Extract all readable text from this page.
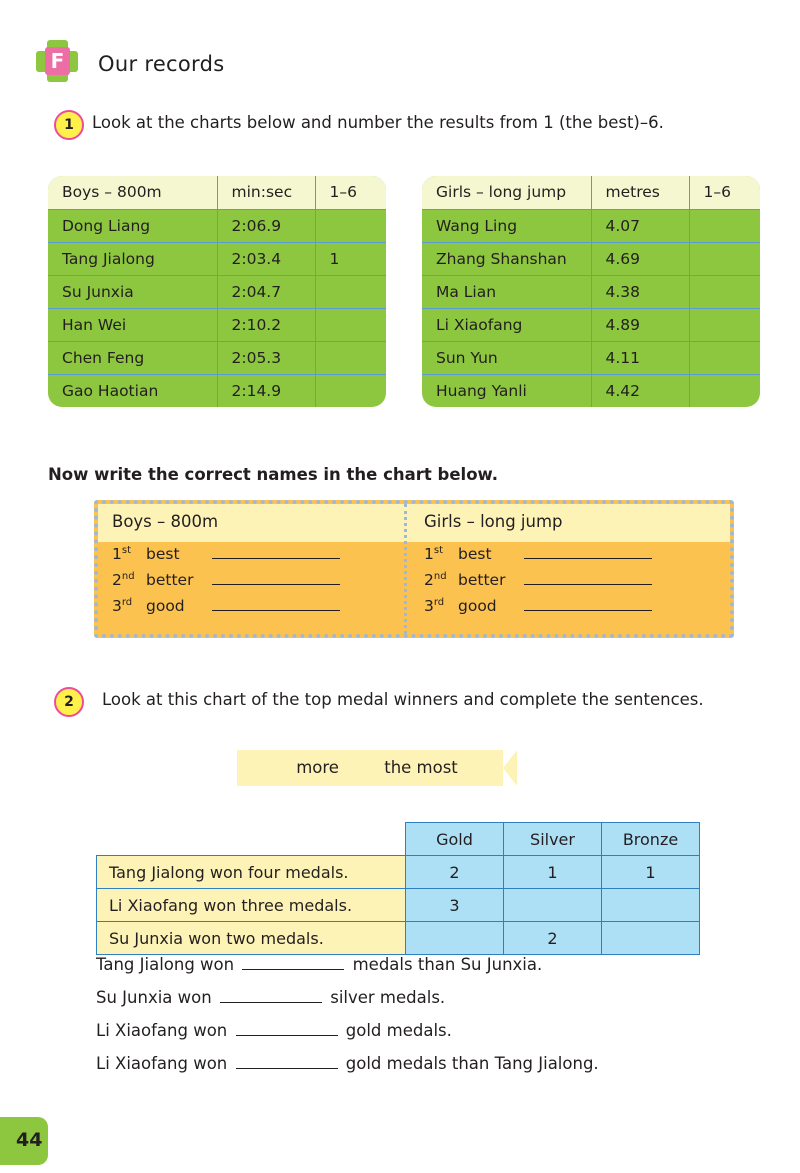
F Our records
1	Look at the charts below and number the results from 1 (the best)–6.
Boys – 800m	min:sec	1–6
Dong Liang	2:06.9	
Tang Jialong	2:03.4	1
Su Junxia	2:04.7	
Han Wei	2:10.2	
Chen Feng	2:05.3	
Gao Haotian	2:14.9	
Girls – long jump	metres	1–6
Wang Ling	4.07	
Zhang Shanshan	4.69	
Ma Lian	4.38	
Li Xiaofang	4.89	
Sun Yun	4.11	
Huang Yanli	4.42	
Now write the correct names in the chart below.
Boys – 800m
1st best
2nd better
3rd good
Girls – long jump
1st best
2nd better
3rd good
2	Look at this chart of the top medal winners and complete the sentences.
more	the most
	Gold	Silver	Bronze
Tang Jialong won four medals.	2	1	1
Li Xiaofang won three medals.	3		
Su Junxia won two medals.		2	
Tang Jialong won	medals than Su Junxia.
Su Junxia won	silver medals.
Li Xiaofang won	gold medals.
Li Xiaofang won	gold medals than Tang Jialong.
44
